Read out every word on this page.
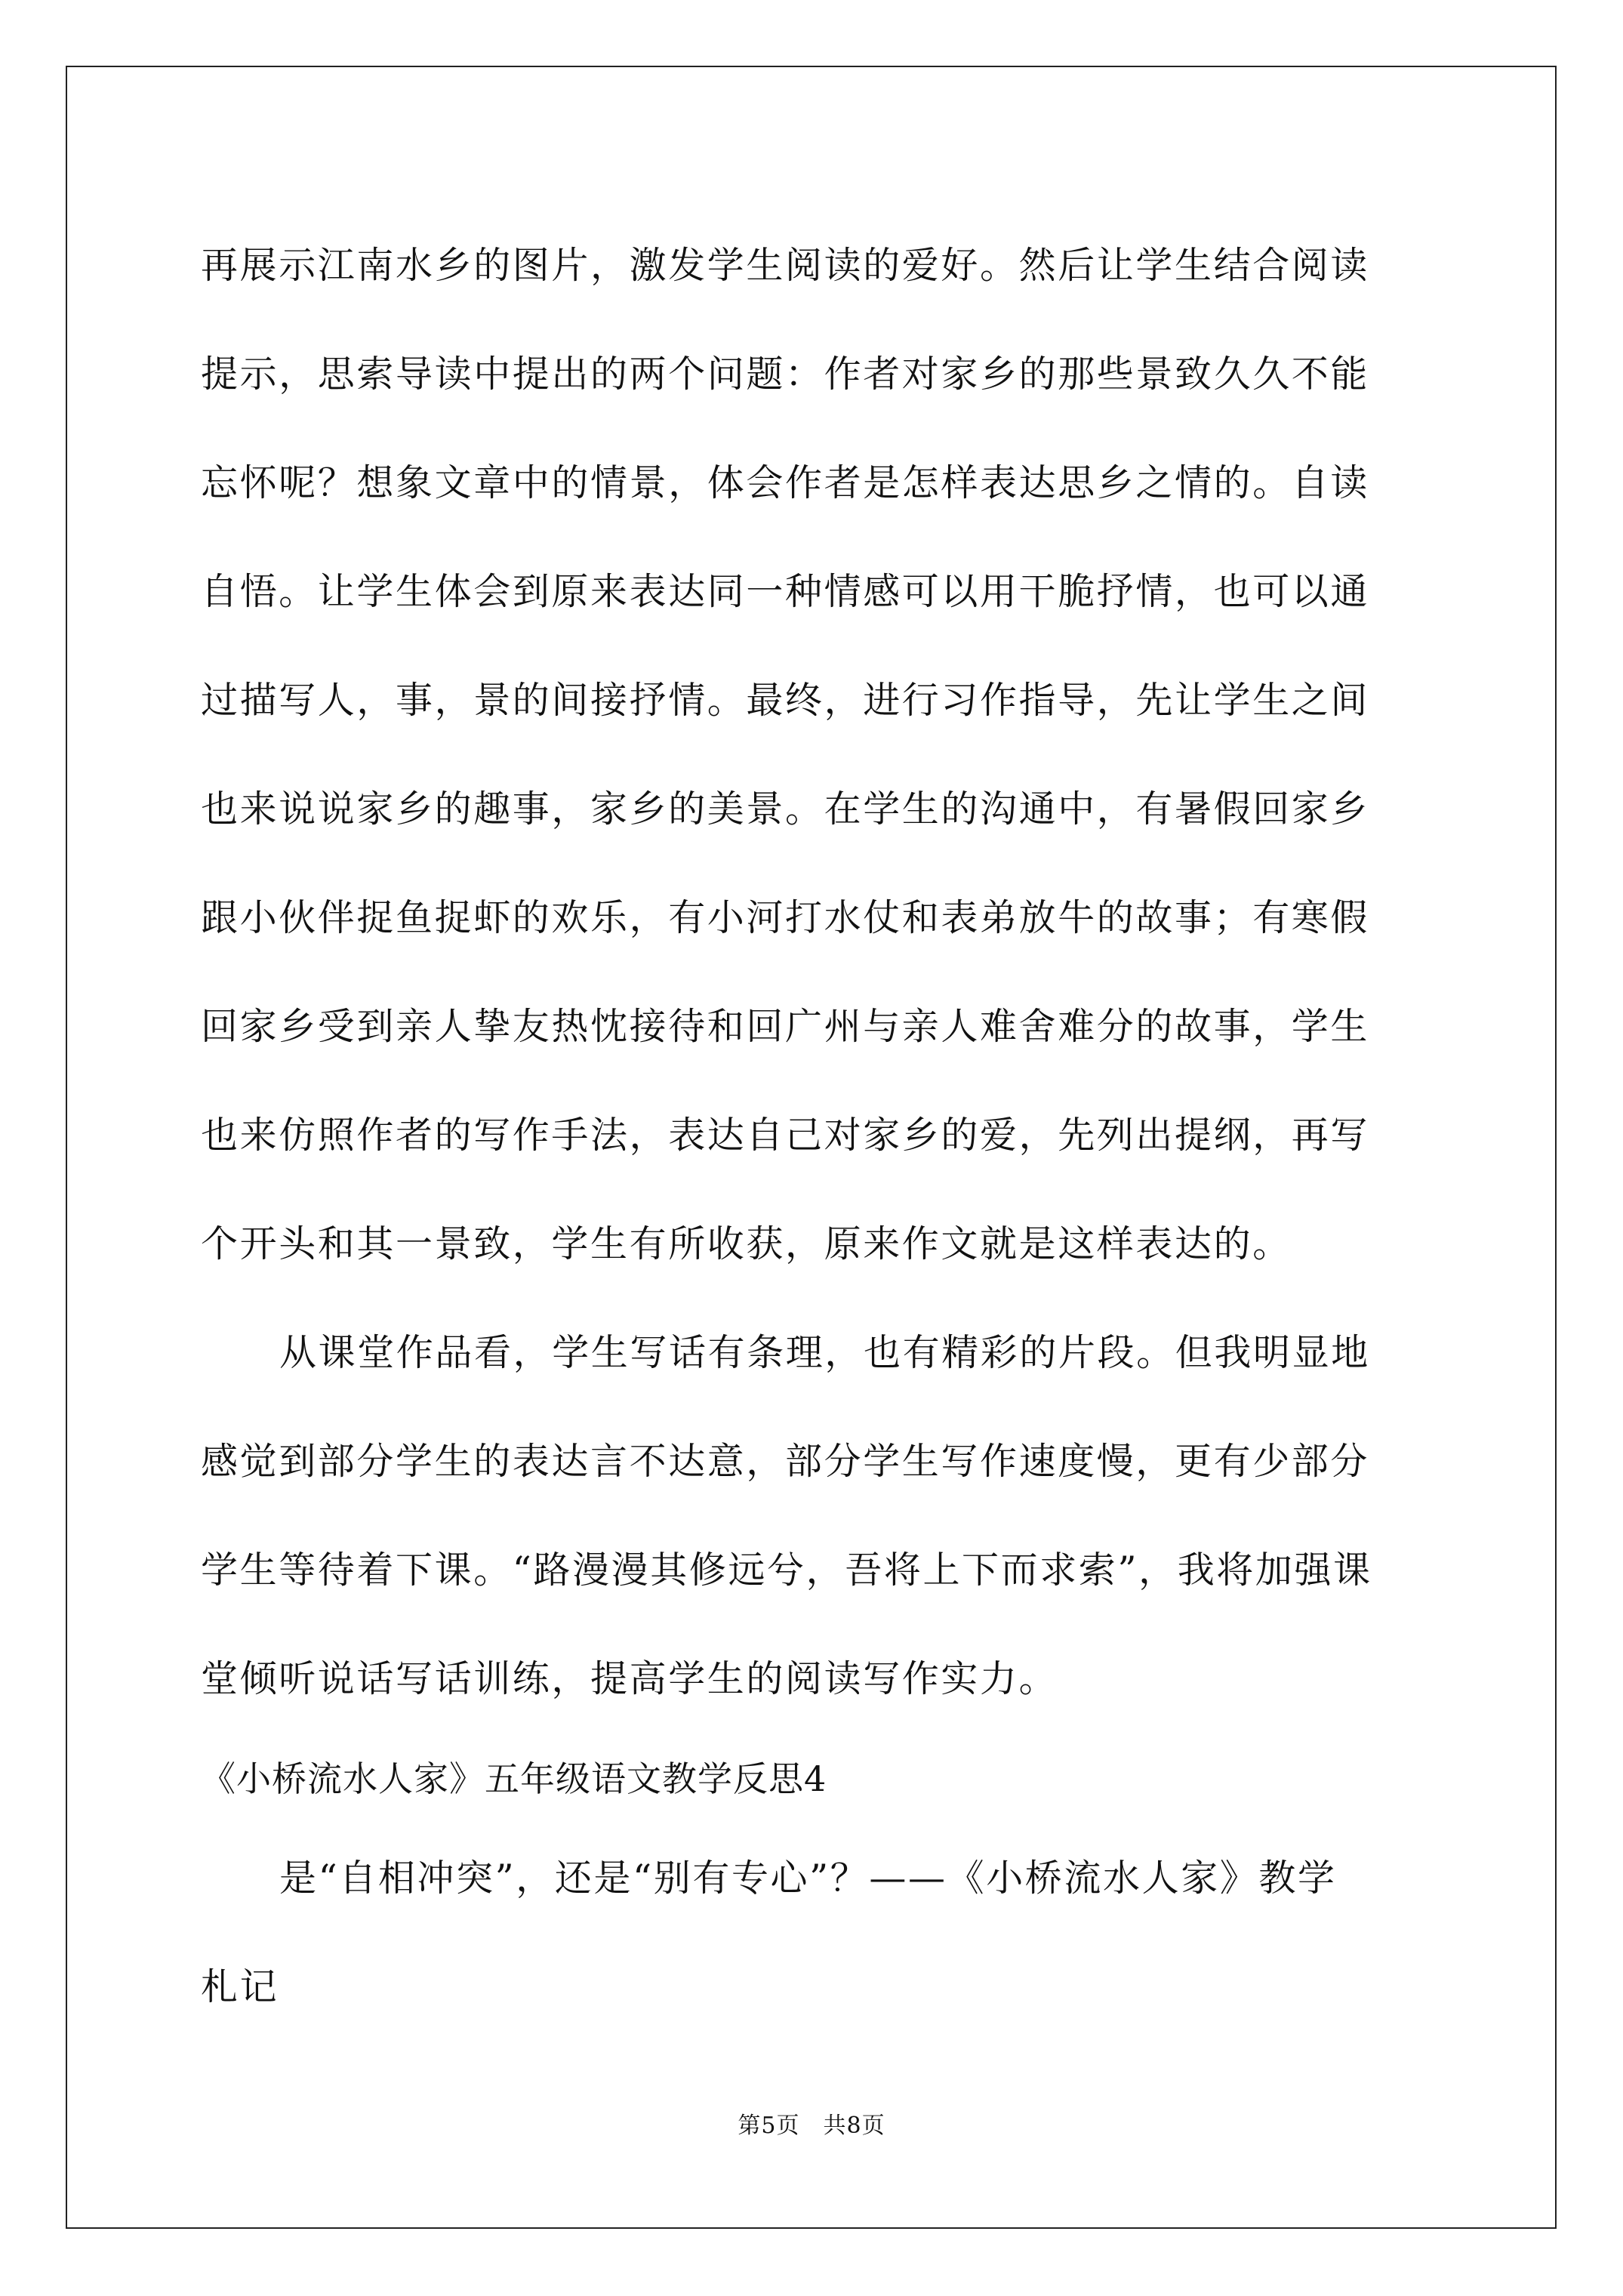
再展示江南水乡的图片，激发学生阅读的爱好。然后让学生结合阅读
提示，思索导读中提出的两个问题：作者对家乡的那些景致久久不能
忘怀呢？想象文章中的情景，体会作者是怎样表达思乡之情的。自读
自悟。让学生体会到原来表达同一种情感可以用干脆抒情，也可以通
过描写人，事，景的间接抒情。最终，进行习作指导，先让学生之间
也来说说家乡的趣事，家乡的美景。在学生的沟通中，有暑假回家乡
跟小伙伴捉鱼捉虾的欢乐，有小河打水仗和表弟放牛的故事；有寒假
回家乡受到亲人挚友热忱接待和回广州与亲人难舍难分的故事，学生
也来仿照作者的写作手法，表达自己对家乡的爱，先列出提纲，再写
个开头和其一景致，学生有所收获，原来作文就是这样表达的。
从课堂作品看，学生写话有条理，也有精彩的片段。但我明显地
感觉到部分学生的表达言不达意，部分学生写作速度慢，更有少部分
学生等待着下课。“路漫漫其修远兮，吾将上下而求索”，我将加强课
堂倾听说话写话训练，提高学生的阅读写作实力。
《小桥流水人家》五年级语文教学反思4
是“自相冲突”，还是“别有专心”？——《小桥流水人家》教学
札记
第5页　共8页
